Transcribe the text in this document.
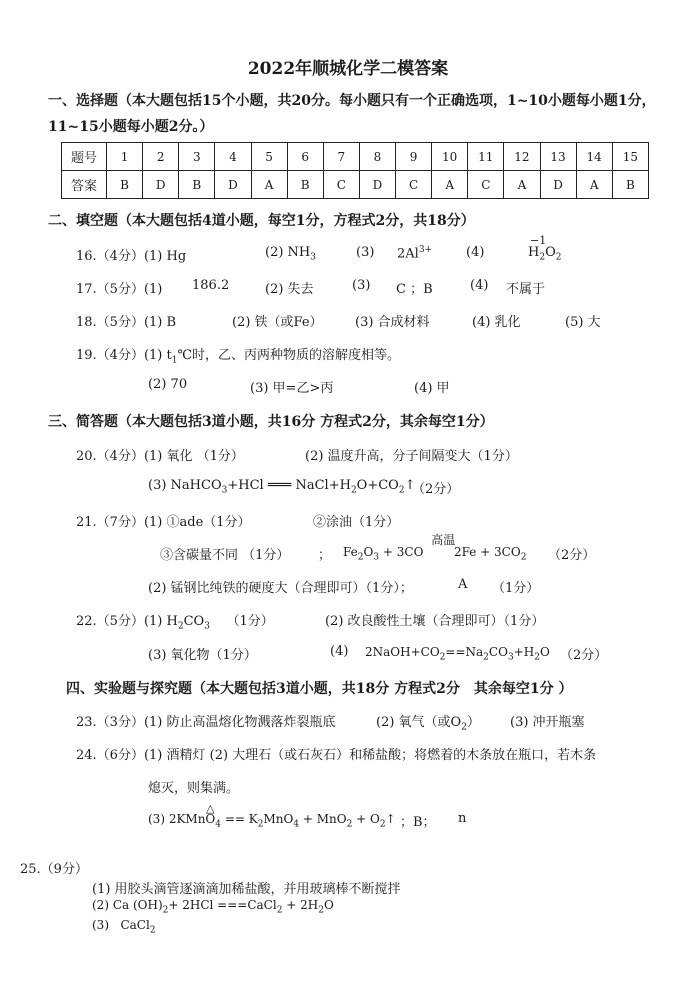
2022年顺城化学二模答案
一、选择题（本大题包括15个小题，共20分。每小题只有一个正确选项，1~10小题每小题1分，
11~15小题每小题2分。）
题号	1	2	3	4	5	6	7	8	9	10	11	12	13	14	15
答案	B	D	B	D	A	B	C	D	C	A	C	A	D	A	B
二、填空题（本大题包括4道小题，每空1分，方程式2分，共18分）
16.（4分）(1) Hg	(2) $NH_3$	(3) $2Al^{3+}$	(4)
−1
$H_2O_2$
17.（5分）(1) 186.2	(2) 失去	(3) C ；B	(4) 不属于
18.（5分）(1) B	(2) 铁（或Fe） (3) 合成材料	(4) 乳化	(5) 大
19.（4分）(1) $t_1℃$时，乙、丙两种物质的溶解度相等。
(2) 70	(3) 甲=乙>丙	(4) 甲
三、简答题（本大题包括3道小题，共16分 方程式2分，其余每空1分）
20.（4分）(1) 氧化 （1分）	(2) 温度升高，分子间隔变大（1分）
(3) NaHCO$_3$+HCl ═══ $NaCl+H_2O+CO_2↑$
（2分）
21.（7分）(1) ①ade（1分）	②涂油（1分）
③含碳量不同 （1分） ； $Fe_2O_3 + 3CO$
高温
$2Fe + 3CO_2$ （2分）
(2) 锰钢比纯铁的硬度大（合理即可）（1分）；	A （1分）
22.（5分）(1) $H_2CO_3$ （1分）	(2) 改良酸性土壤（合理即可）（1分）
(3) 氧化物（1分）	(4) $2NaOH+CO_2==Na_2CO_3+H_2O$ （2分）
四、实验题与探究题（本大题包括3道小题，共18分 方程式2分　其余每空1分 ）
23.（3分）(1) 防止高温熔化物溅落炸裂瓶底	(2) 氧气（或$O_2$） (3) 冲开瓶塞
24.（6分）(1) 酒精灯 (2) 大理石（或石灰石）和稀盐酸；将燃着的木条放在瓶口，若木条
熄灭，则集满。
△
(3) 2KMnO$_4$ == $K_2MnO_4 + MnO_2$ + $O_2↑$ ；B； n
25.（9分）
(1) 用胶头滴管逐滴滴加稀盐酸，并用玻璃棒不断搅拌
(2) Ca $(OH)_2+ 2HCl$ ===CaCl$_2$ + $2H_2O$
(3) CaCl$_2$
